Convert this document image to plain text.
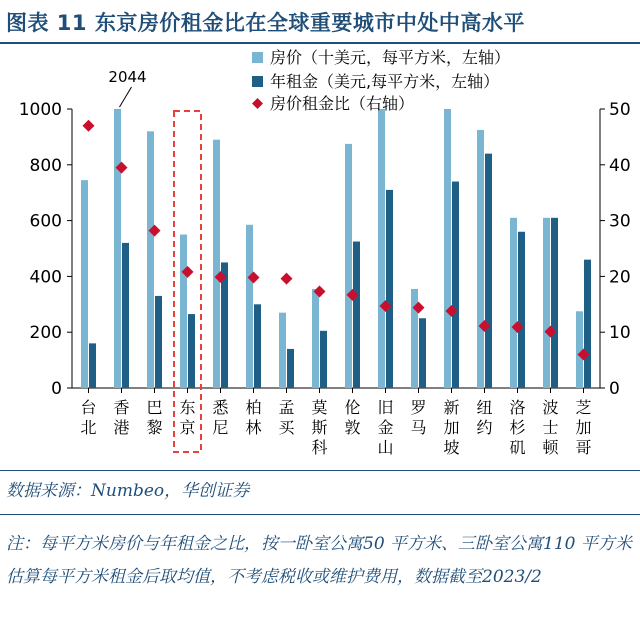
图表 11 东京房价租金比在全球重要城市中处中高水平
0
200
400
600
800
1000
0
10
20
30
40
50
台
北
香
港
巴
黎
东
京
悉
尼
柏
林
孟
买
莫
斯
科
伦
敦
旧
金
山
罗
马
新
加
坡
纽
约
洛
杉
矶
波
士
顿
芝
加
哥
2044
房价（十美元，每平方米，左轴）
年租金（美元,每平方米，左轴）
房价租金比（右轴）
数据来源：Numbeo，华创证券
注：每平方米房价与年租金之比，按一卧室公寓50 平方米、三卧室公寓110 平方米估算每平方米租金后取均值，不考虑税收或维护费用，数据截至2023/2
